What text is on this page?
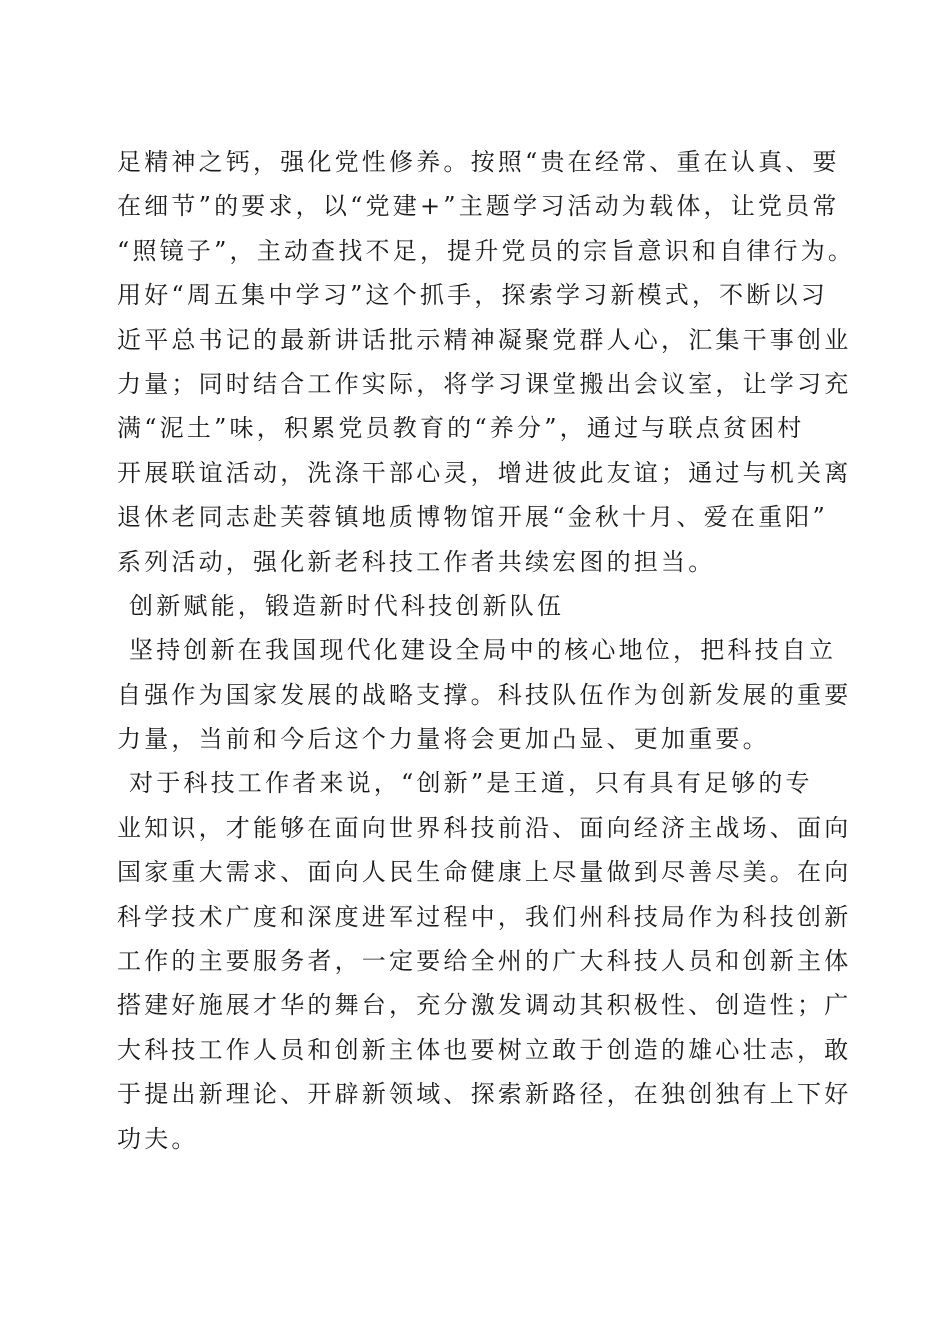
足精神之钙，强化党性修养。按照“贵在经常、重在认真、要
在细节”的要求，以“党建+”主题学习活动为载体，让党员常
“照镜子”，主动查找不足，提升党员的宗旨意识和自律行为。
用好“周五集中学习”这个抓手，探索学习新模式，不断以习
近平总书记的最新讲话批示精神凝聚党群人心，汇集干事创业
力量；同时结合工作实际，将学习课堂搬出会议室，让学习充
满“泥土”味，积累党员教育的“养分”，通过与联点贫困村
开展联谊活动，洗涤干部心灵，增进彼此友谊；通过与机关离
退休老同志赴芙蓉镇地质博物馆开展“金秋十月、爱在重阳”
系列活动，强化新老科技工作者共续宏图的担当。
创新赋能，锻造新时代科技创新队伍
坚持创新在我国现代化建设全局中的核心地位，把科技自立
自强作为国家发展的战略支撑。科技队伍作为创新发展的重要
力量，当前和今后这个力量将会更加凸显、更加重要。
对于科技工作者来说，“创新”是王道，只有具有足够的专
业知识，才能够在面向世界科技前沿、面向经济主战场、面向
国家重大需求、面向人民生命健康上尽量做到尽善尽美。在向
科学技术广度和深度进军过程中，我们州科技局作为科技创新
工作的主要服务者，一定要给全州的广大科技人员和创新主体
搭建好施展才华的舞台，充分激发调动其积极性、创造性；广
大科技工作人员和创新主体也要树立敢于创造的雄心壮志，敢
于提出新理论、开辟新领域、探索新路径，在独创独有上下好
功夫。
